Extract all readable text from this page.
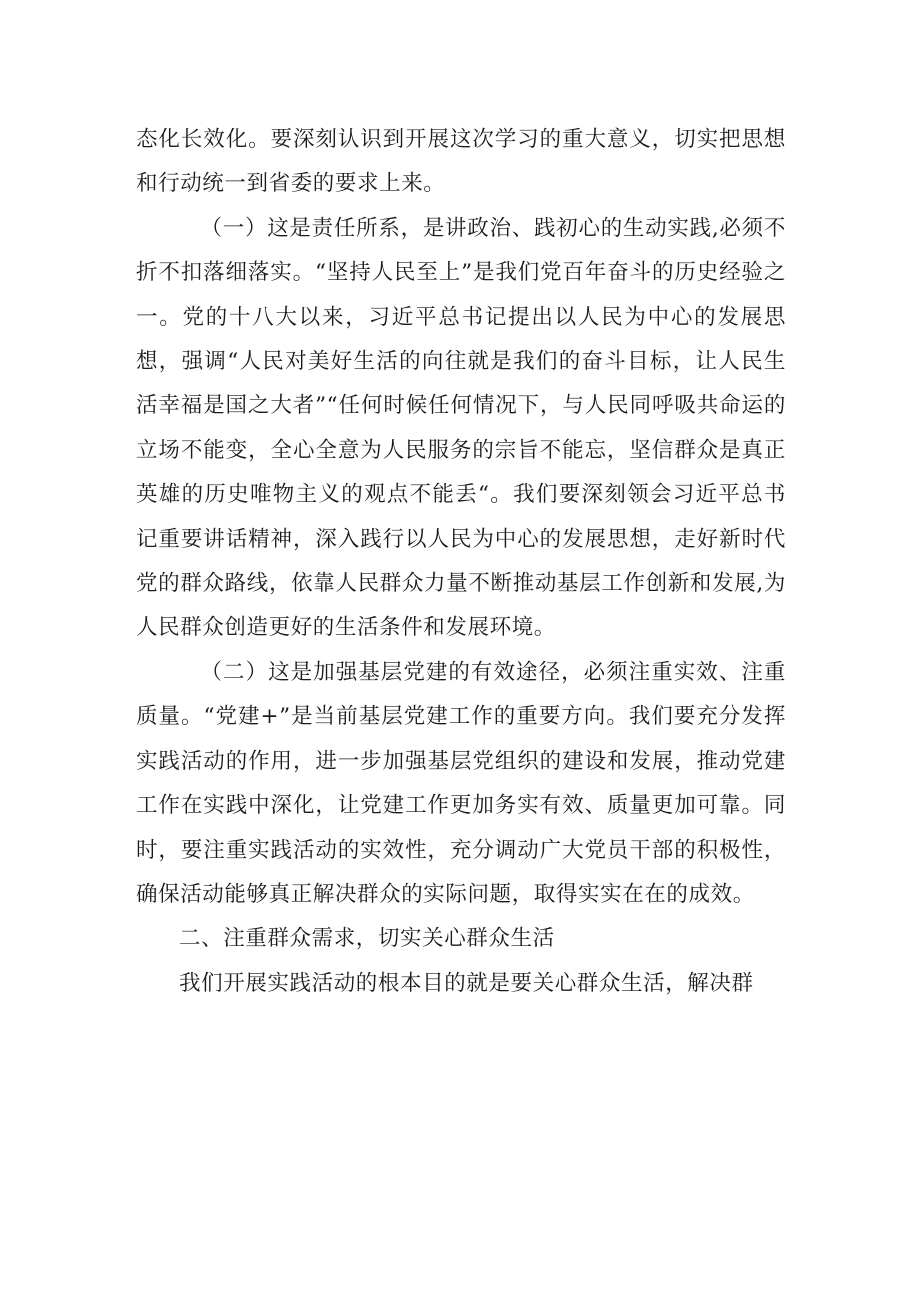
态化长效化。要深刻认识到开展这次学习的重大意义，切实把思想和行动统一到省委的要求上来。

（一）这是责任所系，是讲政治、践初心的生动实践,必须不折不扣落细落实。“坚持人民至上”是我们党百年奋斗的历史经验之一。党的十八大以来，习近平总书记提出以人民为中心的发展思想，强调“人民对美好生活的向往就是我们的奋斗目标，让人民生活幸福是国之大者”“任何时候任何情况下，与人民同呼吸共命运的立场不能变，全心全意为人民服务的宗旨不能忘，坚信群众是真正英雄的历史唯物主义的观点不能丢“。我们要深刻领会习近平总书记重要讲话精神，深入践行以人民为中心的发展思想，走好新时代党的群众路线，依靠人民群众力量不断推动基层工作创新和发展,为人民群众创造更好的生活条件和发展环境。

（二）这是加强基层党建的有效途径，必须注重实效、注重质量。“党建+”是当前基层党建工作的重要方向。我们要充分发挥实践活动的作用，进一步加强基层党组织的建设和发展，推动党建工作在实践中深化，让党建工作更加务实有效、质量更加可靠。同时，要注重实践活动的实效性，充分调动广大党员干部的积极性，确保活动能够真正解决群众的实际问题，取得实实在在的成效。

二、注重群众需求，切实关心群众生活

我们开展实践活动的根本目的就是要关心群众生活，解决群
